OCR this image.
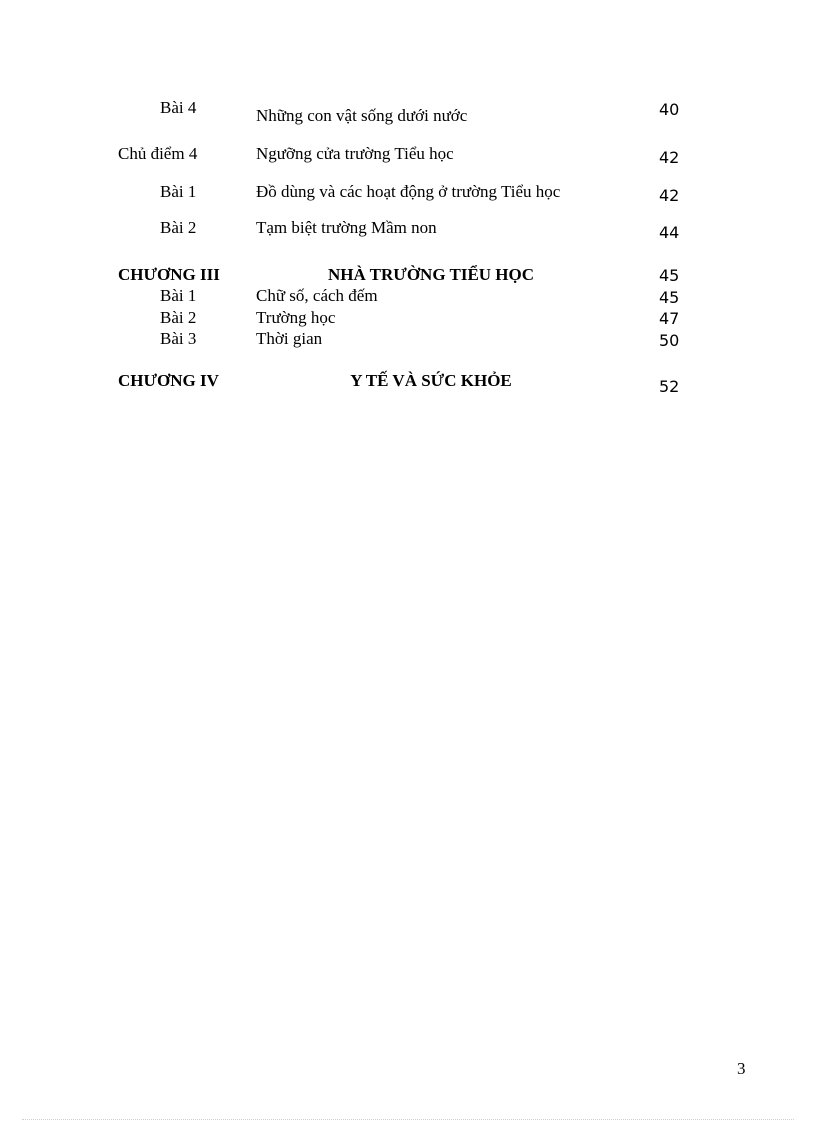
Bài 4	Những con vật sống dưới nước	40
Chủ điểm 4	Ngưỡng cửa trường Tiểu học	42
Bài 1	Đồ dùng và các hoạt động ở trường Tiểu học	42
Bài 2	Tạm biệt trường Mầm non	44
CHƯƠNG III	NHÀ TRƯỜNG TIỂU HỌC	45
Bài 1	Chữ số, cách đếm	45
Bài 2	Trường học	47
Bài 3	Thời gian	50
CHƯƠNG IV	Y TẾ VÀ SỨC KHỎE	52
3
